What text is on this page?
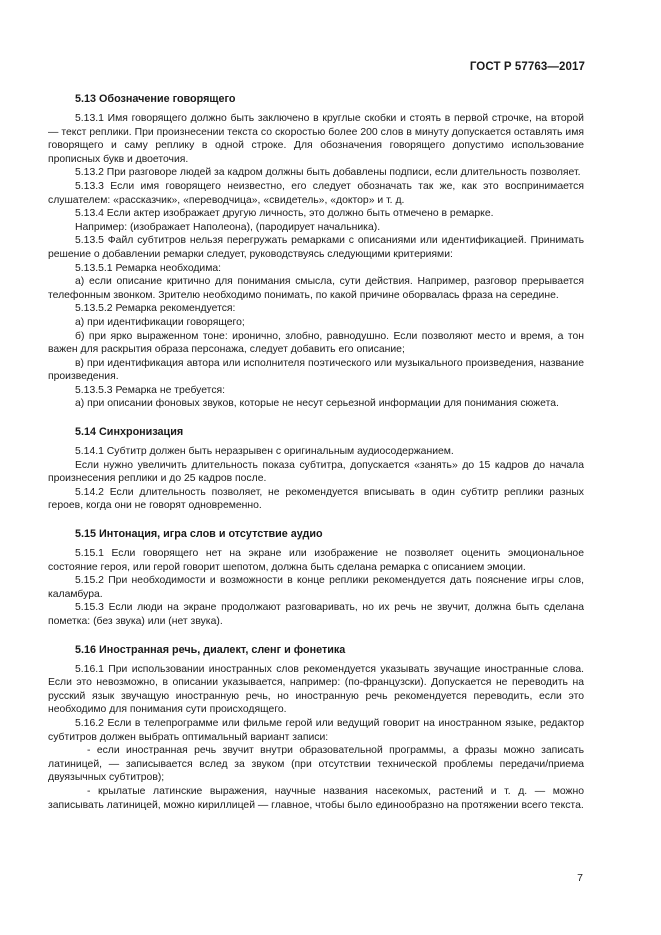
ГОСТ Р 57763—2017
5.13 Обозначение говорящего

5.13.1 Имя говорящего должно быть заключено в круглые скобки и стоять в первой строчке, на второй — текст реплики. При произнесении текста со скоростью более 200 слов в минуту допускается оставлять имя говорящего и саму реплику в одной строке. Для обозначения говорящего допустимо использование прописных букв и двоеточия.

5.13.2 При разговоре людей за кадром должны быть добавлены подписи, если длительность позволяет.

5.13.3 Если имя говорящего неизвестно, его следует обозначать так же, как это воспринимается слушателем: «рассказчик», «переводчица», «свидетель», «доктор» и т. д.

5.13.4 Если актер изображает другую личность, это должно быть отмечено в ремарке.

Например: (изображает Наполеона), (пародирует начальника).

5.13.5 Файл субтитров нельзя перегружать ремарками с описаниями или идентификацией. Принимать решение о добавлении ремарки следует, руководствуясь следующими критериями:

5.13.5.1 Ремарка необходима:

а) если описание критично для понимания смысла, сути действия. Например, разговор прерывается телефонным звонком. Зрителю необходимо понимать, по какой причине оборвалась фраза на середине.

5.13.5.2 Ремарка рекомендуется:

а) при идентификации говорящего;

б) при ярко выраженном тоне: иронично, злобно, равнодушно. Если позволяют место и время, а тон важен для раскрытия образа персонажа, следует добавить его описание;

в) при идентификация автора или исполнителя поэтического или музыкального произведения, название произведения.

5.13.5.3 Ремарка не требуется:

а) при описании фоновых звуков, которые не несут серьезной информации для понимания сюжета.

5.14 Синхронизация

5.14.1 Субтитр должен быть неразрывен с оригинальным аудиосодержанием.

Если нужно увеличить длительность показа субтитра, допускается «занять» до 15 кадров до начала произнесения реплики и до 25 кадров после.

5.14.2 Если длительность позволяет, не рекомендуется вписывать в один субтитр реплики разных героев, когда они не говорят одновременно.

5.15 Интонация, игра слов и отсутствие аудио

5.15.1 Если говорящего нет на экране или изображение не позволяет оценить эмоциональное состояние героя, или герой говорит шепотом, должна быть сделана ремарка с описанием эмоции.

5.15.2 При необходимости и возможности в конце реплики рекомендуется дать пояснение игры слов, каламбура.

5.15.3 Если люди на экране продолжают разговаривать, но их речь не звучит, должна быть сделана пометка: (без звука) или (нет звука).

5.16 Иностранная речь, диалект, сленг и фонетика

5.16.1 При использовании иностранных слов рекомендуется указывать звучащие иностранные слова. Если это невозможно, в описании указывается, например: (по-французски). Допускается не переводить на русский язык звучащую иностранную речь, но иностранную речь рекомендуется переводить, если это необходимо для понимания сути происходящего.

5.16.2 Если в телепрограмме или фильме герой или ведущий говорит на иностранном языке, редактор субтитров должен выбрать оптимальный вариант записи:

- если иностранная речь звучит внутри образовательной программы, а фразы можно записать латиницей, — записывается вслед за звуком (при отсутствии технической проблемы передачи/приема двуязычных субтитров);

- крылатые латинские выражения, научные названия насекомых, растений и т. д. — можно записывать латиницей, можно кириллицей — главное, чтобы было единообразно на протяжении всего текста.

7
